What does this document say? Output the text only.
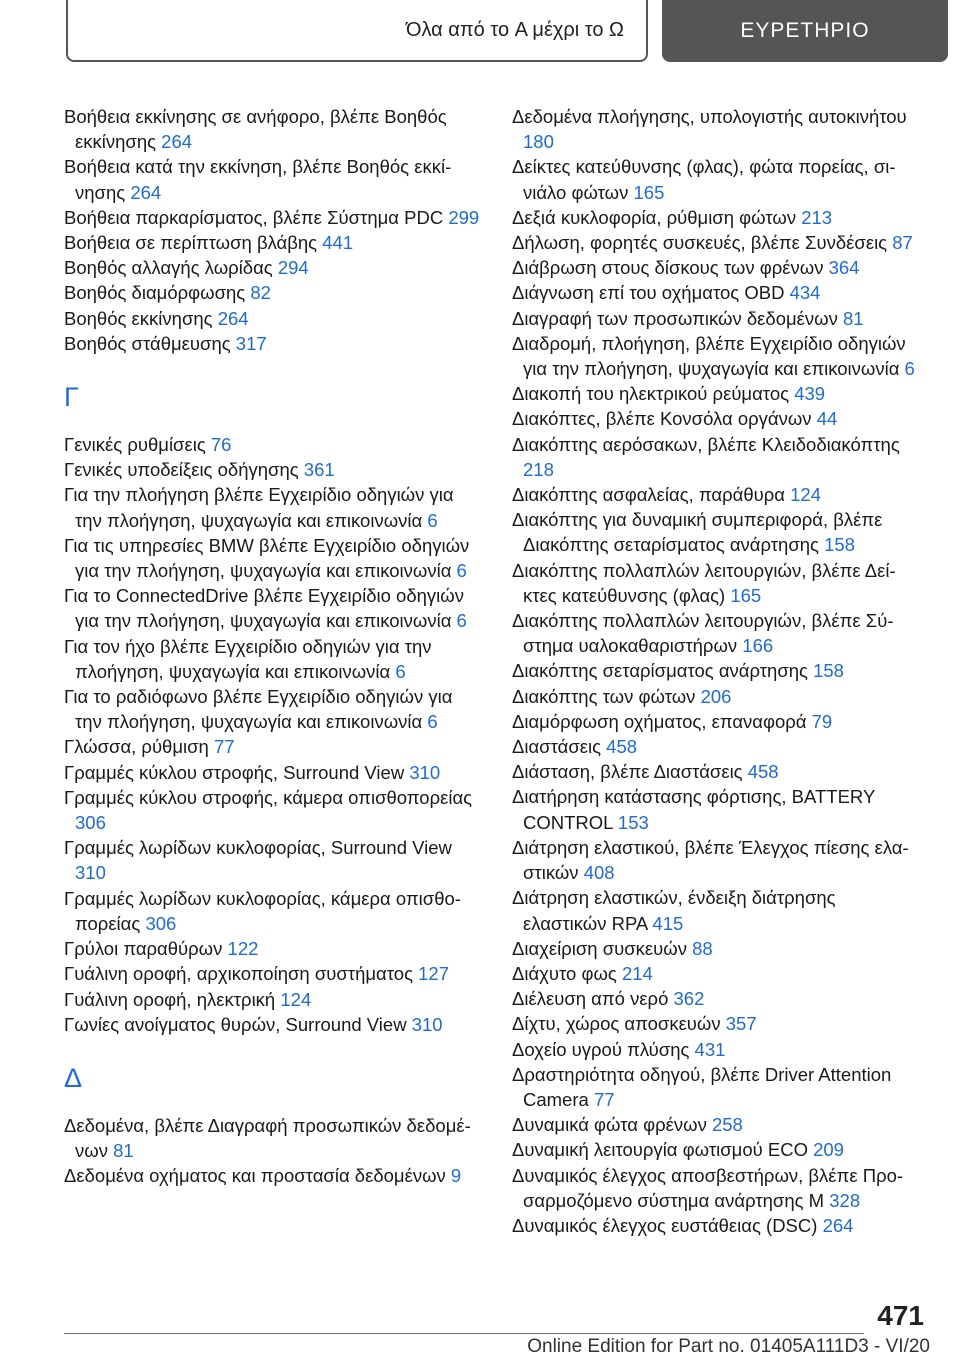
Όλα από το A μέχρι το Ω	ΕΥΡΕΤΗΡΙΟ
Βοήθεια εκκίνησης σε ανήφορο, βλέπε Βοηθός εκκίνησης 264
Βοήθεια κατά την εκκίνηση, βλέπε Βοηθός εκκίνησης 264
Βοήθεια παρκαρίσματος, βλέπε Σύστημα PDC 299
Βοήθεια σε περίπτωση βλάβης 441
Βοηθός αλλαγής λωρίδας 294
Βοηθός διαμόρφωσης 82
Βοηθός εκκίνησης 264
Βοηθός στάθμευσης 317
Γ
Γενικές ρυθμίσεις 76
Γενικές υποδείξεις οδήγησης 361
Για την πλοήγηση βλέπε Εγχειρίδιο οδηγιών για την πλοήγηση, ψυχαγωγία και επικοινωνία 6
Για τις υπηρεσίες BMW βλέπε Εγχειρίδιο οδηγιών για την πλοήγηση, ψυχαγωγία και επικοινωνία 6
Για το ConnectedDrive βλέπε Εγχειρίδιο οδηγιών για την πλοήγηση, ψυχαγωγία και επικοινωνία 6
Για τον ήχο βλέπε Εγχειρίδιο οδηγιών για την πλοήγηση, ψυχαγωγία και επικοινωνία 6
Για το ραδιόφωνο βλέπε Εγχειρίδιο οδηγιών για την πλοήγηση, ψυχαγωγία και επικοινωνία 6
Γλώσσα, ρύθμιση 77
Γραμμές κύκλου στροφής, Surround View 310
Γραμμές κύκλου στροφής, κάμερα οπισθοπορείας 306
Γραμμές λωρίδων κυκλοφορίας, Surround View 310
Γραμμές λωρίδων κυκλοφορίας, κάμερα οπισθοπορείας 306
Γρύλοι παραθύρων 122
Γυάλινη οροφή, αρχικοποίηση συστήματος 127
Γυάλινη οροφή, ηλεκτρική 124
Γωνίες ανοίγματος θυρών, Surround View 310
Δ
Δεδομένα, βλέπε Διαγραφή προσωπικών δεδομένων 81
Δεδομένα οχήματος και προστασία δεδομένων 9
Δεδομένα πλοήγησης, υπολογιστής αυτοκινήτου 180
Δείκτες κατεύθυνσης (φλας), φώτα πορείας, σινιάλο φώτων 165
Δεξιά κυκλοφορία, ρύθμιση φώτων 213
Δήλωση, φορητές συσκευές, βλέπε Συνδέσεις 87
Διάβρωση στους δίσκους των φρένων 364
Διάγνωση επί του οχήματος OBD 434
Διαγραφή των προσωπικών δεδομένων 81
Διαδρομή, πλοήγηση, βλέπε Εγχειρίδιο οδηγιών για την πλοήγηση, ψυχαγωγία και επικοινωνία 6
Διακοπή του ηλεκτρικού ρεύματος 439
Διακόπτες, βλέπε Κονσόλα οργάνων 44
Διακόπτης αερόσακων, βλέπε Κλειδοδιακόπτης 218
Διακόπτης ασφαλείας, παράθυρα 124
Διακόπτης για δυναμική συμπεριφορά, βλέπε Διακόπτης σεταρίσματος ανάρτησης 158
Διακόπτης πολλαπλών λειτουργιών, βλέπε Δείκτες κατεύθυνσης (φλας) 165
Διακόπτης πολλαπλών λειτουργιών, βλέπε Σύστημα υαλοκαθαριστήρων 166
Διακόπτης σεταρίσματος ανάρτησης 158
Διακόπτης των φώτων 206
Διαμόρφωση οχήματος, επαναφορά 79
Διαστάσεις 458
Διάσταση, βλέπε Διαστάσεις 458
Διατήρηση κατάστασης φόρτισης, BATTERY CONTROL 153
Διάτρηση ελαστικού, βλέπε Έλεγχος πίεσης ελαστικών 408
Διάτρηση ελαστικών, ένδειξη διάτρησης ελαστικών RPA 415
Διαχείριση συσκευών 88
Διάχυτο φως 214
Διέλευση από νερό 362
Δίχτυ, χώρος αποσκευών 357
Δοχείο υγρού πλύσης 431
Δραστηριότητα οδηγού, βλέπε Driver Attention Camera 77
Δυναμικά φώτα φρένων 258
Δυναμική λειτουργία φωτισμού ECO 209
Δυναμικός έλεγχος αποσβεστήρων, βλέπε Προσαρμοζόμενο σύστημα ανάρτησης M 328
Δυναμικός έλεγχος ευστάθειας (DSC) 264
471
Online Edition for Part no. 01405A111D3 - VI/20
